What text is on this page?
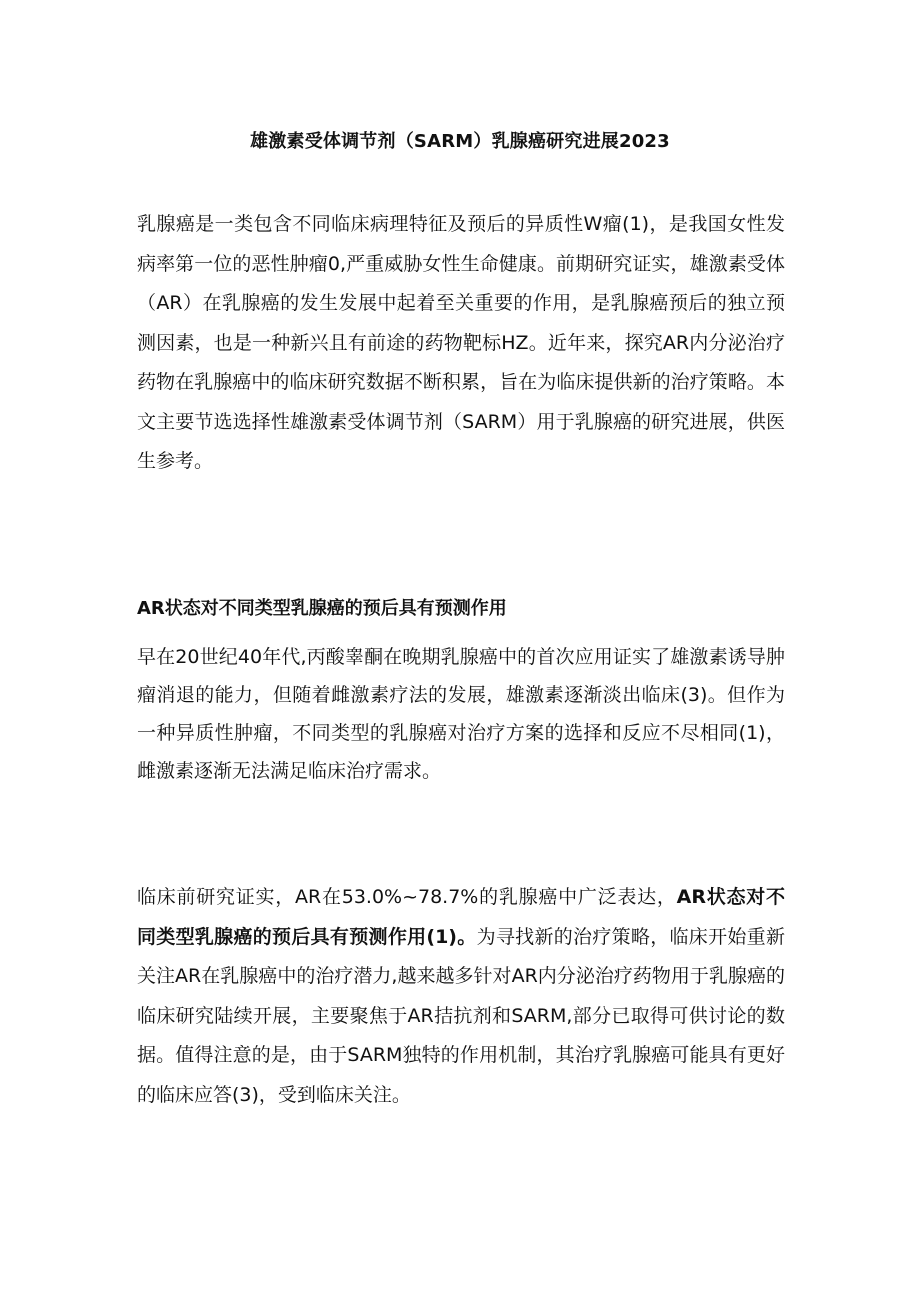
雄激素受体调节剂（SARM）乳腺癌研究进展2023

乳腺癌是一类包含不同临床病理特征及预后的异质性W瘤(1)，是我国女性发病率第一位的恶性肿瘤0,严重威胁女性生命健康。前期研究证实，雄激素受体（AR）在乳腺癌的发生发展中起着至关重要的作用，是乳腺癌预后的独立预测因素，也是一种新兴且有前途的药物靶标HZ。近年来，探究AR内分泌治疗药物在乳腺癌中的临床研究数据不断积累，旨在为临床提供新的治疗策略。本文主要节选选择性雄激素受体调节剂（SARM）用于乳腺癌的研究进展，供医生参考。

AR状态对不同类型乳腺癌的预后具有预测作用

早在20世纪40年代,丙酸睾酮在晚期乳腺癌中的首次应用证实了雄激素诱导肿瘤消退的能力，但随着雌激素疗法的发展，雄激素逐渐淡出临床(3)。但作为一种异质性肿瘤，不同类型的乳腺癌对治疗方案的选择和反应不尽相同(1)，雌激素逐渐无法满足临床治疗需求。

临床前研究证实，AR在53.0%~78.7%的乳腺癌中广泛表达，AR状态对不同类型乳腺癌的预后具有预测作用(1)。为寻找新的治疗策略，临床开始重新关注AR在乳腺癌中的治疗潜力,越来越多针对AR内分泌治疗药物用于乳腺癌的临床研究陆续开展，主要聚焦于AR拮抗剂和SARM,部分已取得可供讨论的数据。值得注意的是，由于SARM独特的作用机制，其治疗乳腺癌可能具有更好的临床应答(3)，受到临床关注。
